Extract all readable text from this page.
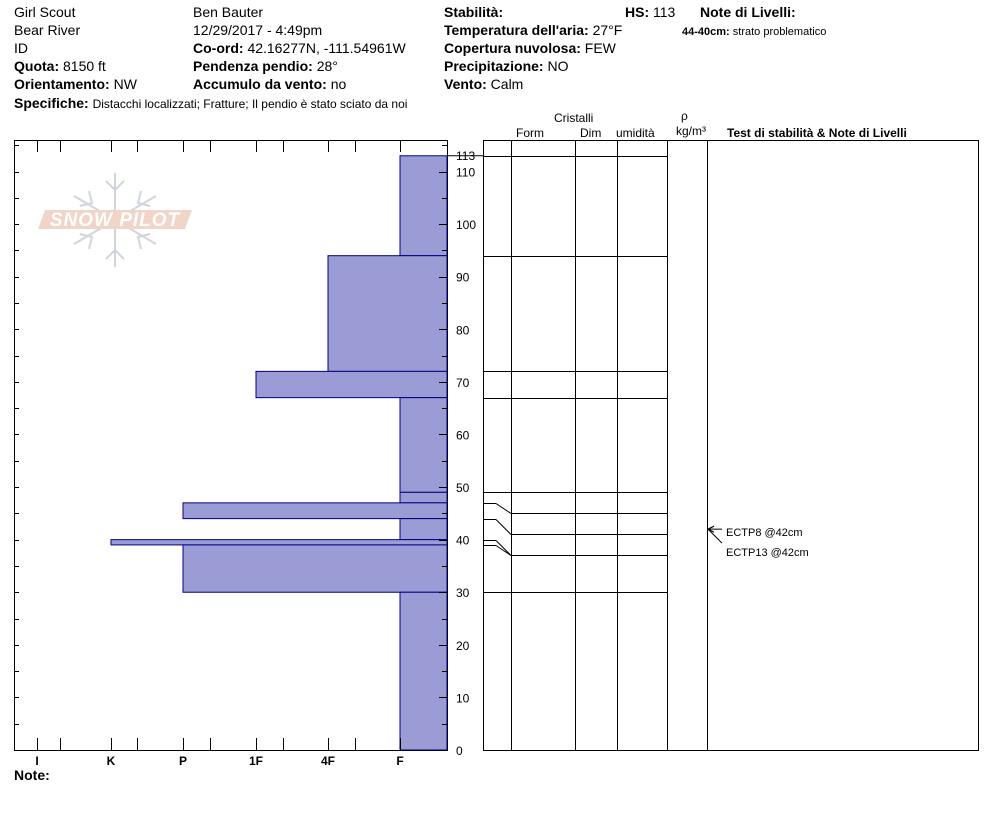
Girl Scout
Bear River
ID
Quota: 8150 ft
Orientamento: NW
Specifiche: Distacchi localizzati; Fratture; Il pendio è stato sciato da noi
Ben Bauter
12/29/2017 - 4:49pm
Co-ord: 42.16277N, -111.54961W
Pendenza pendio: 28°
Accumulo da vento: no
Stabilità:	HS: 113
Temperatura dell'aria: 27°F
Copertura nuvolosa: FEW
Precipitazione: NO
Vento: Calm
Note di Livelli:
44-40cm: strato problematico
Cristalli
Form	Dim umidità
ρ
kg/m³ Test di stabilità & Note di Livelli
Note:
SNOW PILOT
0
10
20
30
40
50
60
70
80
90
100
110
113
I	K	P	1F	4F	F
ECTP8 @42cm
ECTP13 @42cm
